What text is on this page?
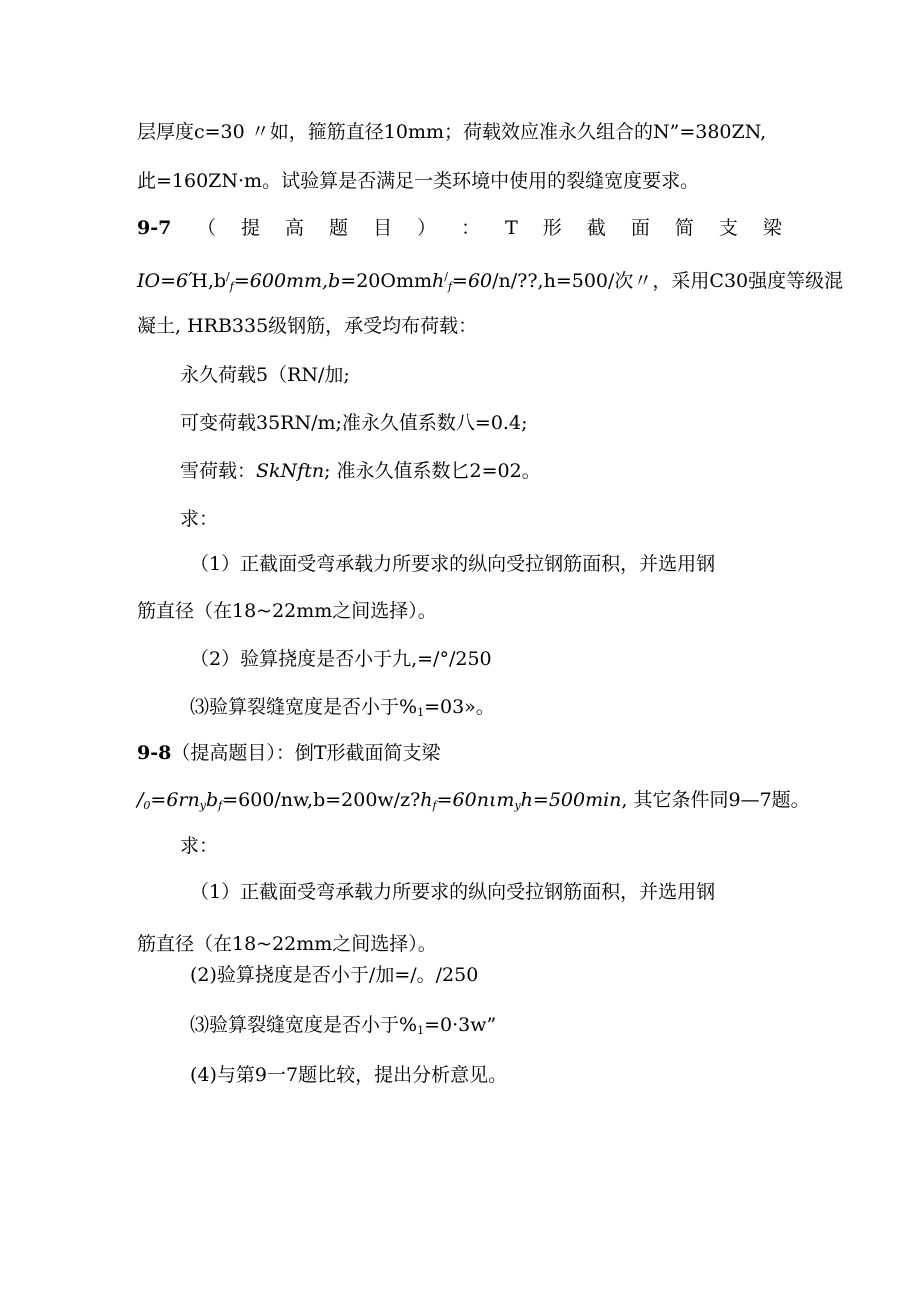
层厚度c=30 〃如，箍筋直径10mm；荷载效应准永久组合的N”=380ZN,
此=160ZN·m。试验算是否满足一类环境中使用的裂缝宽度要求。
9-7	（ 提 高 题 目 ） ： T 形 截 面 简 支 梁
$IO=6Ή,b^/_f=600mm,b=20Ommh^/_f=60∕n∕??,h=500/$次〃，采用C30强度等级混
凝土, HRB335级钢筋，承受均布荷载：
永久荷载5（RN/加;
可变荷载35RN∕m;准永久值系数八=0.4;
雪荷载：SkNftn; 准永久值系数匕2=02。
求：
（1）正截面受弯承载力所要求的纵向受拉钢筋面积，并选用钢
筋直径（在18~22mm之间选择）。
（2）验算挠度是否小于九,=∕°∕250
⑶验算裂缝宽度是否小于$\%_1=03$»。
9-8（提高题目）：倒T形截面简支梁
$∕_0=6rn_yb_f=600∕nw,b=200w/z?h_f=60n\iota m_yh=500\min$, 其它条件同9—7题。
求：
（1）正截面受弯承载力所要求的纵向受拉钢筋面积，并选用钢
筋直径（在18~22mm之间选择）。
(2)验算挠度是否小于/加=/。/250
⑶验算裂缝宽度是否小于$\%_1=0\cdot 3w$”
(4)与第9一7题比较，提出分析意见。
